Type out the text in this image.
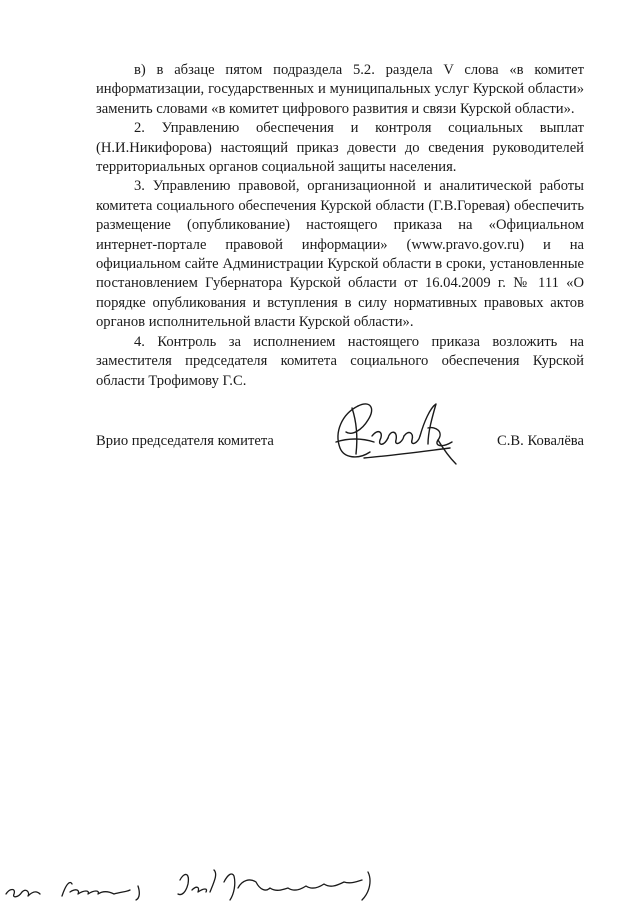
в) в абзаце пятом подраздела 5.2. раздела V слова «в комитет информатизации, государственных и муниципальных услуг Курской области» заменить словами «в комитет цифрового развития и связи Курской области».

2. Управлению обеспечения и контроля социальных выплат (Н.И.Никифорова) настоящий приказ довести до сведения руководителей территориальных органов социальной защиты населения.

3. Управлению правовой, организационной и аналитической работы комитета социального обеспечения Курской области (Г.В.Горевая) обеспечить размещение (опубликование) настоящего приказа на «Официальном интернет-портале правовой информации» (www.pravo.gov.ru) и на официальном сайте Администрации Курской области в сроки, установленные постановлением Губернатора Курской области от 16.04.2009 г. № 111 «О порядке опубликования и вступления в силу нормативных правовых актов органов исполнительной власти Курской области».

4. Контроль за исполнением настоящего приказа возложить на заместителя председателя комитета социального обеспечения Курской области Трофимову Г.С.

Врио председателя комитета	С.В. Ковалёва
